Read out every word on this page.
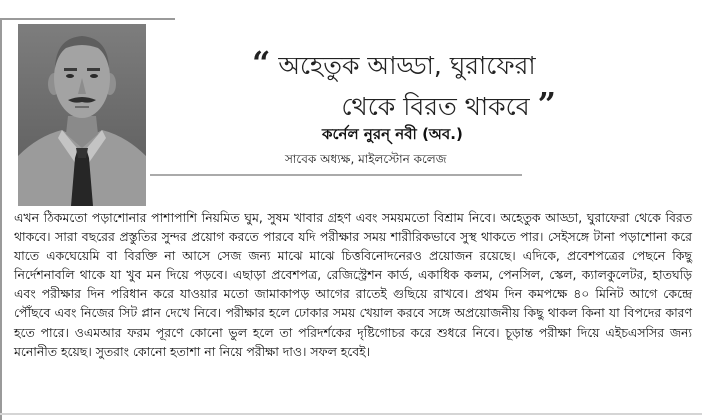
“ অহেতুক আড্ডা, ঘুরাফেরা
থেকে বিরত থাকবে ”
কর্নেল নুরন্ নবী (অব.)
সাবেক অধ্যক্ষ, মাইলস্টোন কলেজ

এখন ঠিকমতো পড়াশোনার পাশাপাশি নিয়মিত ঘুম, সুষম খাবার গ্রহণ এবং সময়মতো বিশ্রাম নিবে। অহেতুক আড্ডা, ঘুরাফেরা থেকে বিরত থাকবে। সারা বছরের প্রস্তুতির সুন্দর প্রয়োগ করতে পারবে যদি পরীক্ষার সময় শারীরিকভাবে সুস্থ থাকতে পার। সেইসঙ্গে টানা পড়াশোনা করে যাতে একঘেয়েমি বা বিরক্তি না আসে সেজ জন্য মাঝে মাঝে চিত্তবিনোদনেরও প্রয়োজন রয়েছে। এদিকে, প্রবেশপত্রের পেছনে কিছু নির্দেশনাবলি থাকে যা খুব মন দিয়ে পড়বে। এছাড়া প্রবেশপত্র, রেজিস্ট্রেশন কার্ড, একাধিক কলম, পেনসিল, স্কেল, ক্যালকুলেটর, হাতঘড়ি এবং পরীক্ষার দিন পরিধান করে যাওয়ার মতো জামাকাপড় আগের রাতেই গুছিয়ে রাখবে। প্রথম দিন কমপক্ষে ৪০ মিনিট আগে কেন্দ্রে পৌঁছবে এবং নিজের সিট প্লান দেখে নিবে। পরীক্ষার হলে ঢোকার সময় খেয়াল করবে সঙ্গে অপ্রয়োজনীয় কিছু থাকল কিনা যা বিপদের কারণ হতে পারে। ওএমআর ফরম পূরণে কোনো ভুল হলে তা পরিদর্শকের দৃষ্টিগোচর করে শুধরে নিবে। চূড়ান্ত পরীক্ষা দিয়ে এইচএসসির জন্য মনোনীত হয়েছ। সুতরাং কোনো হতাশা না নিয়ে পরীক্ষা দাও। সফল হবেই।
